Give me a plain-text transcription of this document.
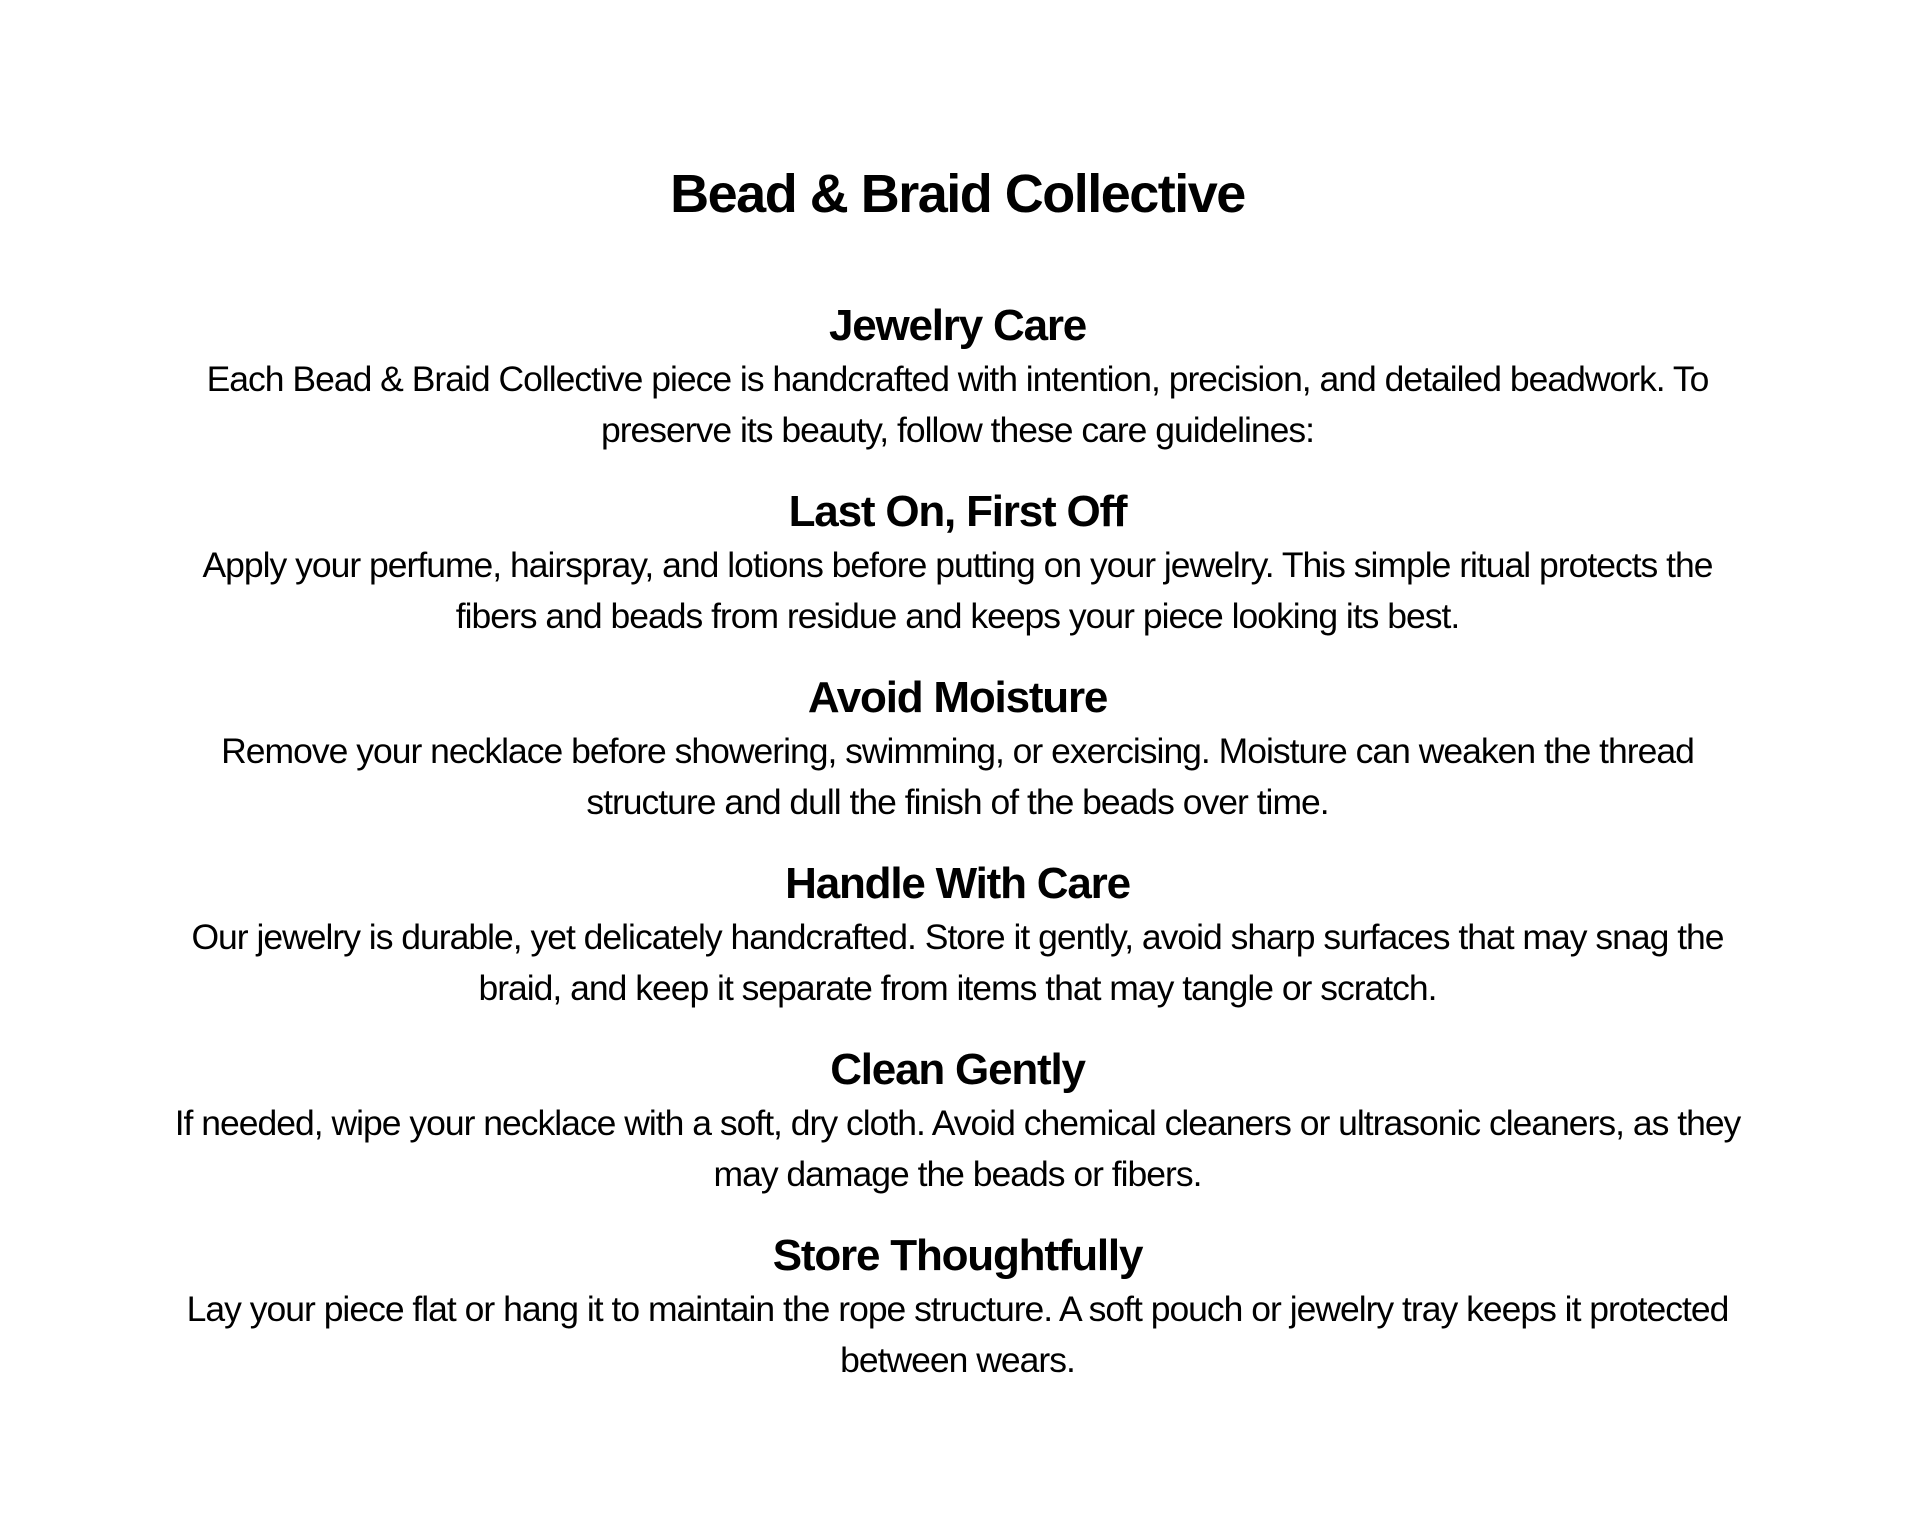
Bead & Braid Collective
Jewelry Care

Each Bead & Braid Collective piece is handcrafted with intention, precision, and detailed beadwork. To preserve its beauty, follow these care guidelines:

Last On, First Off

Apply your perfume, hairspray, and lotions before putting on your jewelry. This simple ritual protects the fibers and beads from residue and keeps your piece looking its best.

Avoid Moisture

Remove your necklace before showering, swimming, or exercising. Moisture can weaken the thread structure and dull the finish of the beads over time.

Handle With Care

Our jewelry is durable, yet delicately handcrafted. Store it gently, avoid sharp surfaces that may snag the braid, and keep it separate from items that may tangle or scratch.

Clean Gently

If needed, wipe your necklace with a soft, dry cloth. Avoid chemical cleaners or ultrasonic cleaners, as they may damage the beads or fibers.

Store Thoughtfully

Lay your piece flat or hang it to maintain the rope structure. A soft pouch or jewelry tray keeps it protected between wears.
